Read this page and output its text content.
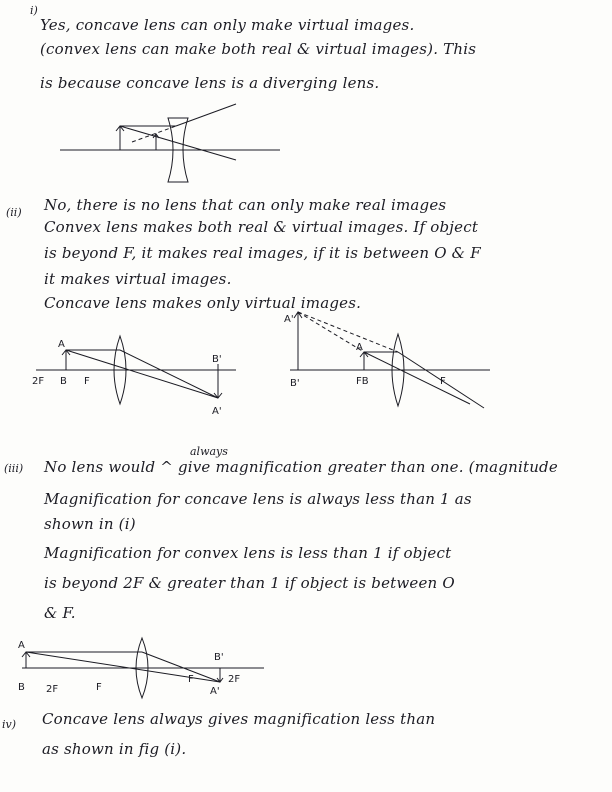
i)
Yes, concave lens can only make virtual images.
(convex lens can make both real & virtual images). This
is because concave lens is a diverging lens.
(ii) No, there is no lens that can only make real images
Convex lens makes both real & virtual images. If object
is beyond F, it makes real images, if it is between O & F
it makes virtual images.
Concave lens makes only virtual images.
A
2F B F
B'
A'
A'
A
B'	FB	F
always
(iii) No lens would ^ give magnification greater than one. (magnitude
Magnification for concave lens is always less than 1 as
shown in (i)
Magnification for convex lens is less than 1 if object
is beyond 2F & greater than 1 if object is between O
& F.
A
B 2F	F
F
B'
A'
2F
iv) Concave lens always gives magnification less than
as shown in fig (i).
